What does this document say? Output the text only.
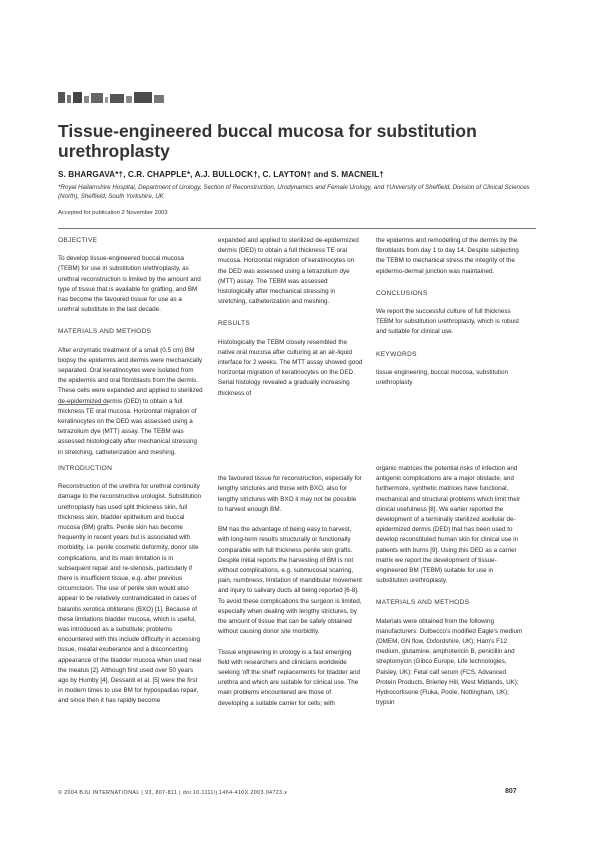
Tissue-engineered buccal mucosa for substitution urethroplasty
S. BHARGAVA*†, C.R. CHAPPLE*, A.J. BULLOCK†, C. LAYTON† and S. MACNEIL†
*Royal Hallamshire Hospital, Department of Urology, Section of Reconstruction, Urodynamics and Female Urology, and †University of Sheffield, Division of Clinical Sciences (North), Sheffield, South Yorkshire, UK
Accepted for publication 2 November 2003
OBJECTIVE

To develop tissue-engineered buccal mucosa (TEBM) for use in substitution urethroplasty, as urethral reconstruction is limited by the amount and type of tissue that is available for grafting, and BM has become the favoured tissue for use as a urethral substitute in the last decade.

MATERIALS AND METHODS

After enzymatic treatment of a small (0.5 cm) BM biopsy the epidermis and dermis were mechanically separated. Oral keratinocytes were isolated from the epidermis and oral fibroblasts from the dermis. These cells were expanded and applied to sterilized de-epidermized dermis (DED) to obtain a full thickness TE oral mucosa. Horizontal migration of keratinocytes on the DED was assessed using a tetrazolium dye (MTT) assay. The TEBM was assessed histologically after mechanical stressing in stretching, catheterization and meshing.

expanded and applied to sterilized de-epidermized dermis (DED) to obtain a full thickness TE oral mucosa. Horizontal migration of keratinocytes on the DED was assessed using a tetrazolium dye (MTT) assay. The TEBM was assessed histologically after mechanical stressing in stretching, catheterization and meshing.

RESULTS

Histologically the TEBM closely resembled the native oral mucosa after culturing at an air-liquid interface for 2 weeks. The MTT assay showed good horizontal migration of keratinocytes on the DED. Serial histology revealed a gradually increasing thickness of

the epidermis and remodelling of the dermis by the fibroblasts from day 1 to day 14. Despite subjecting the TEBM to mechanical stress the integrity of the epidermo-dermal junction was maintained.

CONCLUSIONS

We report the successful culture of full thickness TEBM for substitution urethroplasty, which is robust and suitable for clinical use.

KEYWORDS

tissue engineering, buccal mucosa, substitution urethroplasty

INTRODUCTION

Reconstruction of the urethra for urethral continuity damage to the reconstructive urologist. Substitution urethroplasty has used split thickness skin, full thickness skin, bladder epithelium and buccal mucosa (BM) grafts. Penile skin has become frequently in recent years but is associated with morbidity, i.e. penile cosmetic deformity, donor site complications, and its main limitation is in subsequent repair and re-stenosis, particularly if there is insufficient tissue, e.g. after previous circumcision. The use of penile skin would also appear to be relatively contraindicated in cases of balanitis xerotica obliterans (BXO) [1]. Because of these limitations bladder mucosa, which is useful, was introduced as a substitute; problems encountered with this include difficulty in accessing tissue, meatal exuberance and a disconcerting appearance of the bladder mucosa when used near the meatus [2]. Although first used over 50 years ago by Humby [4], Dessanti et al. [5] were the first in modern times to use BM for hypospadias repair, and since then it has rapidly become

the favoured tissue for reconstruction, especially for lengthy strictures and those with BXO, also for lengthy strictures with BXO it may not be possible to harvest enough BM.

BM has the advantage of being easy to harvest, with long-term results structurally or functionally comparable with full thickness penile skin grafts. Despite initial reports the harvesting of BM is not without complications, e.g. submucosal scarring, pain, numbness, limitation of mandibular movement and injury to salivary ducts all being reported [6-8]. To avoid these complications the surgeon is limited, especially when dealing with lengthy strictures, by the amount of tissue that can be safely obtained without causing donor site morbidity.

Tissue engineering in urology is a fast emerging field with researchers and clinicians worldwide seeking 'off the shelf' replacements for bladder and urethra and which are suitable for clinical use. The main problems encountered are those of developing a suitable carrier for cells; with

organic matrices the potential risks of infection and antigenic complications are a major obstacle, and furthermore, synthetic matrices have functional, mechanical and structural problems which limit their clinical usefulness [8]. We earlier reported the development of a terminally sterilized acellular de-epidermized dermis (DED) that has been used to develop reconstituted human skin for clinical use in patients with burns [9]. Using this DED as a carrier matrix we report the development of tissue-engineered BM (TEBM) suitable for use in substitution urethroplasty.

MATERIALS AND METHODS

Materials were obtained from the following manufacturers: Dulbecco's modified Eagle's medium (DMEM, GN flow, Oxfordshire, UK); Ham's F12 medium, glutamine, amphotericin B, penicillin and streptomycin (Gibco Europe, Life technologies, Paisley, UK); Fetal calf serum (FCS, Advanced Protein Products, Brierley Hill, West Midlands, UK); Hydrocortisone (Fluka, Poole, Nottingham, UK); trypsin

© 2004 BJU INTERNATIONAL | 93, 807-811 | doi:10.1111/j.1464-410X.2003.04723.x	807
